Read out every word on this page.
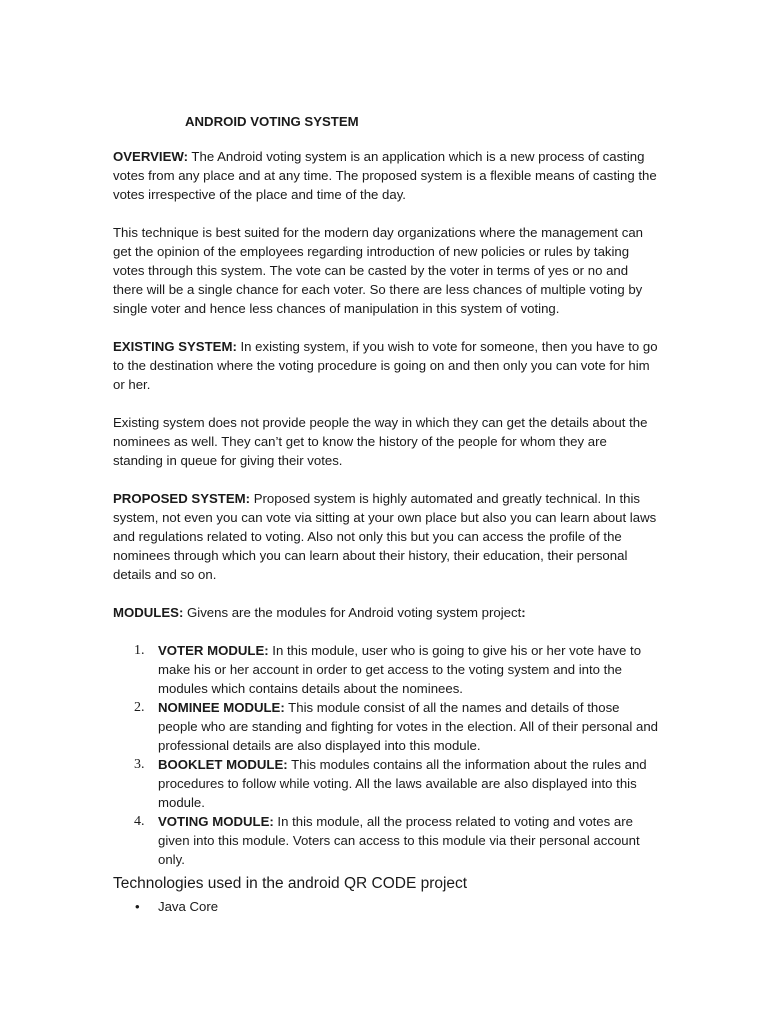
ANDROID VOTING SYSTEM

OVERVIEW: The Android voting system is an application which is a new process of casting votes from any place and at any time. The proposed system is a flexible means of casting the votes irrespective of the place and time of the day.

This technique is best suited for the modern day organizations where the management can get the opinion of the employees regarding introduction of new policies or rules by taking votes through this system. The vote can be casted by the voter in terms of yes or no and there will be a single chance for each voter. So there are less chances of multiple voting by single voter and hence less chances of manipulation in this system of voting.

EXISTING SYSTEM: In existing system, if you wish to vote for someone, then you have to go to the destination where the voting procedure is going on and then only you can vote for him or her.

Existing system does not provide people the way in which they can get the details about the nominees as well. They can’t get to know the history of the people for whom they are standing in queue for giving their votes.

PROPOSED SYSTEM: Proposed system is highly automated and greatly technical. In this system, not even you can vote via sitting at your own place but also you can learn about laws and regulations related to voting. Also not only this but you can access the profile of the nominees through which you can learn about their history, their education, their personal details and so on.

MODULES: Givens are the modules for Android voting system project:

1. VOTER MODULE: In this module, user who is going to give his or her vote have to make his or her account in order to get access to the voting system and into the modules which contains details about the nominees.
2. NOMINEE MODULE: This module consist of all the names and details of those people who are standing and fighting for votes in the election. All of their personal and professional details are also displayed into this module.
3. BOOKLET MODULE: This modules contains all the information about the rules and procedures to follow while voting. All the laws available are also displayed into this module.
4. VOTING MODULE: In this module, all the process related to voting and votes are given into this module. Voters can access to this module via their personal account only.
Technologies used in the android QR CODE project
• Java Core
